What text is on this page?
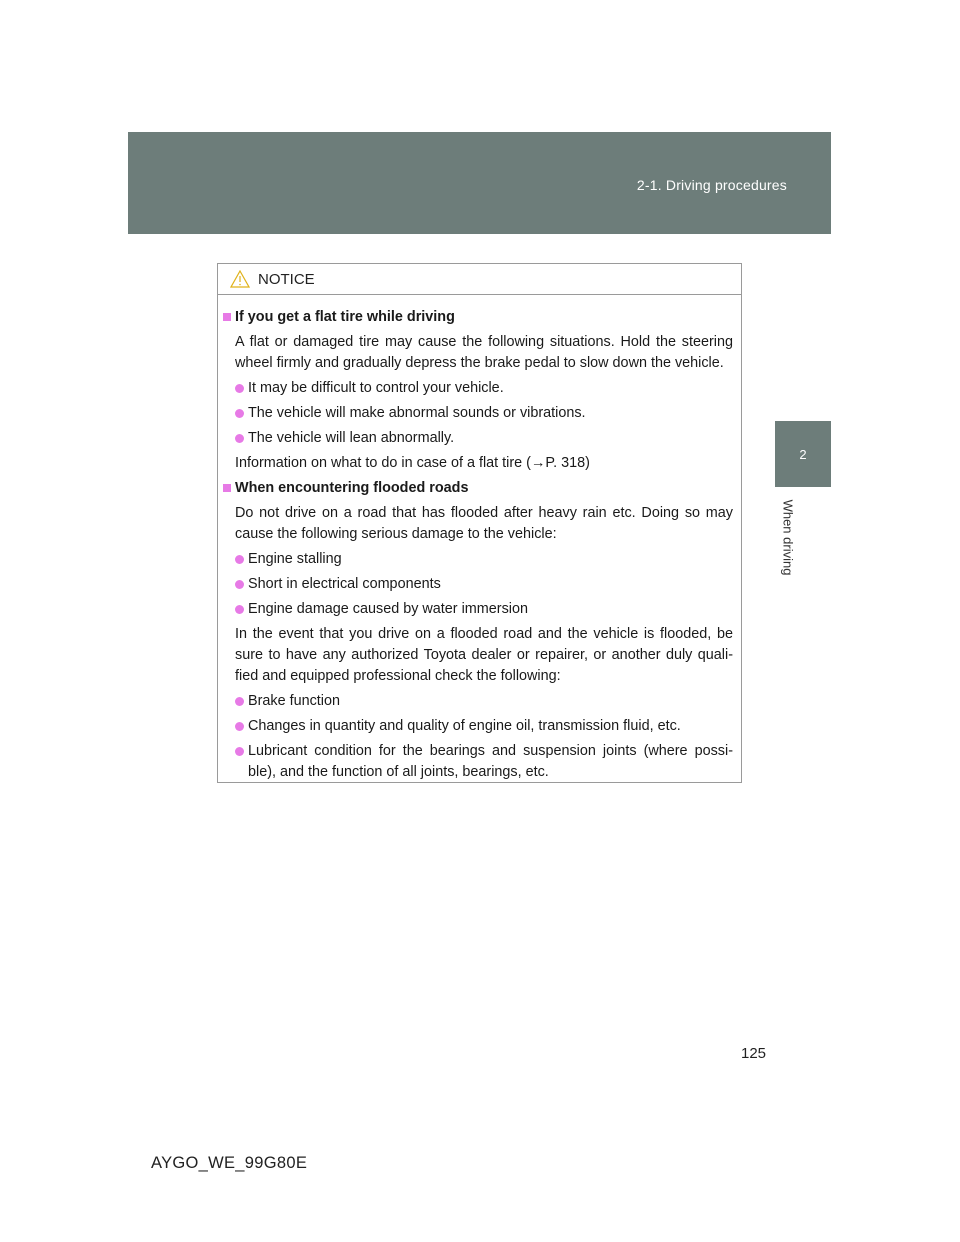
2-1. Driving procedures
2
When driving
NOTICE
If you get a flat tire while driving
A flat or damaged tire may cause the following situations. Hold the steering wheel firmly and gradually depress the brake pedal to slow down the vehicle.
It may be difficult to control your vehicle.
The vehicle will make abnormal sounds or vibrations.
The vehicle will lean abnormally.
Information on what to do in case of a flat tire (→P. 318)
When encountering flooded roads
Do not drive on a road that has flooded after heavy rain etc. Doing so may cause the following serious damage to the vehicle:
Engine stalling
Short in electrical components
Engine damage caused by water immersion
In the event that you drive on a flooded road and the vehicle is flooded, be sure to have any authorized Toyota dealer or repairer, or another duly quali-fied and equipped professional check the following:
Brake function
Changes in quantity and quality of engine oil, transmission fluid, etc.
Lubricant condition for the bearings and suspension joints (where possi-ble), and the function of all joints, bearings, etc.
125
AYGO_WE_99G80E
